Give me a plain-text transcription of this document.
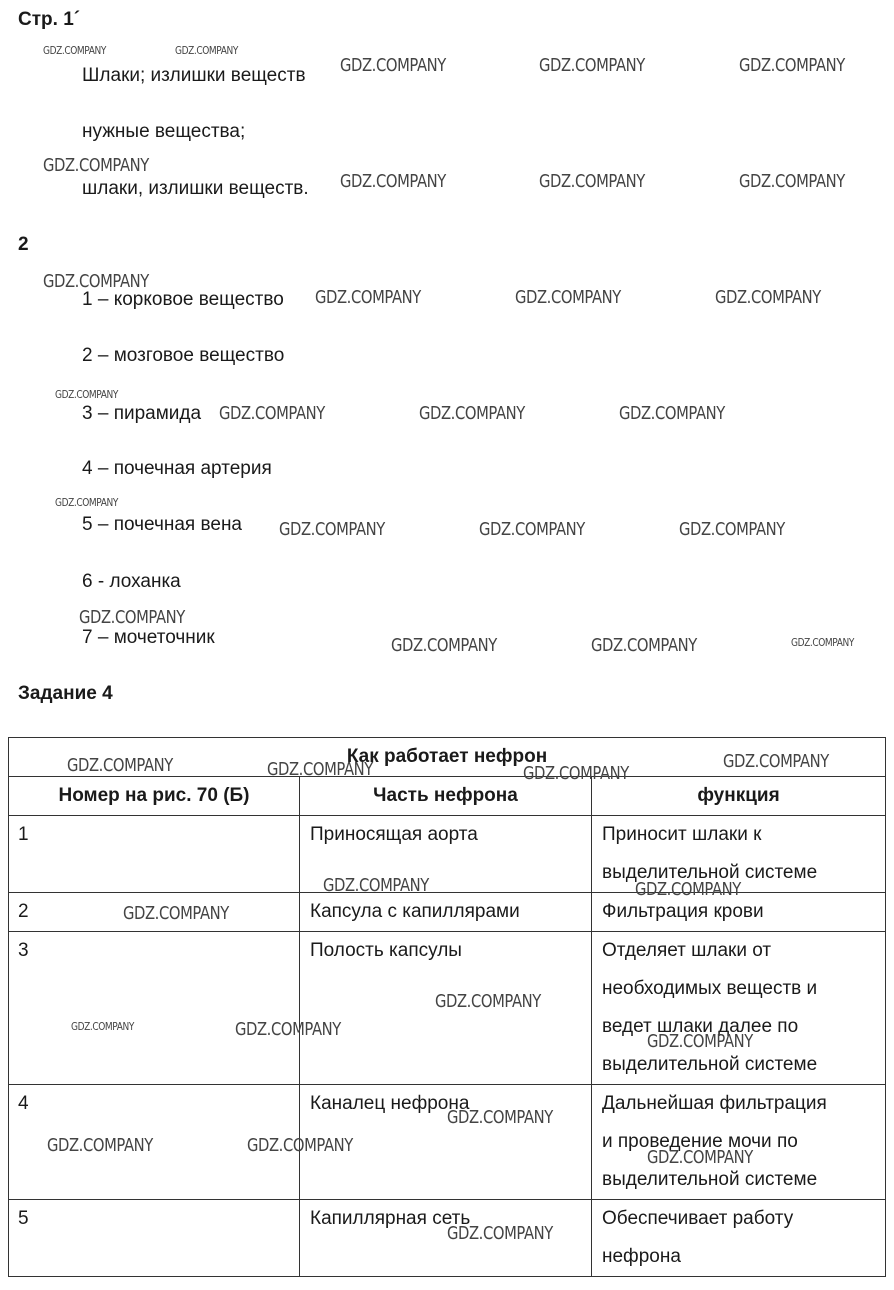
Стр. 1´
Шлаки; излишки веществ
нужные вещества;
шлаки, излишки веществ.
2
1 – корковое вещество
2 – мозговое вещество
3 – пирамида
4 – почечная артерия
5 – почечная вена
6 - лоханка
7 – мочеточник
Задание 4
Как работает нефрон		
Номер на рис. 70 (Б)	Часть нефрона	функция
1	Приносящая аорта	Приносит шлаки к
выделительной системе

2	Капсула с капиллярами	Фильтрация крови

3	Полость капсулы	Отделяет шлаки от
необходимых веществ и
ведет шлаки далее по
выделительной системе

4	Каналец нефрона	Дальнейшая фильтрация
и проведение мочи по
выделительной системе

5	Капиллярная сеть	Обеспечивает работу
нефрона
GDZ.COMPANY	GDZ.COMPANY
GDZ.COMPANY	GDZ.COMPANY	GDZ.COMPANY
GDZ.COMPANY
GDZ.COMPANY	GDZ.COMPANY	GDZ.COMPANY
GDZ.COMPANY
GDZ.COMPANY	GDZ.COMPANY	GDZ.COMPANY
GDZ.COMPANY
GDZ.COMPANY	GDZ.COMPANY	GDZ.COMPANY
GDZ.COMPANY
GDZ.COMPANY	GDZ.COMPANY	GDZ.COMPANY
GDZ.COMPANY
GDZ.COMPANY	GDZ.COMPANY	GDZ.COMPANY
GDZ.COMPANY	GDZ.COMPANY	GDZ.COMPANY
GDZ.COMPANY
GDZ.COMPANY	GDZ.COMPANY
GDZ.COMPANY
GDZ.COMPANY
GDZ.COMPANY	GDZ.COMPANY
GDZ.COMPANY
GDZ.COMPANY
GDZ.COMPANY	GDZ.COMPANY
GDZ.COMPANY
GDZ.COMPANY
